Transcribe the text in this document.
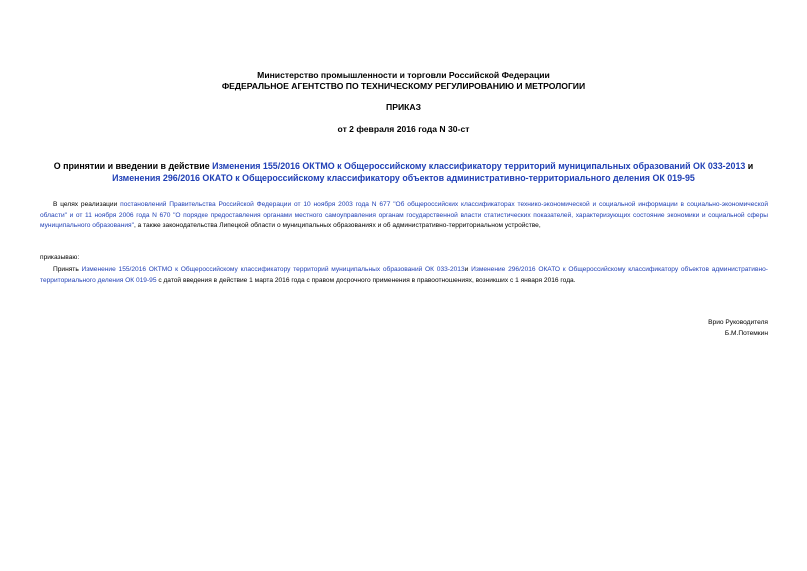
Министерство промышленности и торговли Российской Федерации
ФЕДЕРАЛЬНОЕ АГЕНТСТВО ПО ТЕХНИЧЕСКОМУ РЕГУЛИРОВАНИЮ И МЕТРОЛОГИИ
ПРИКАЗ
от 2 февраля 2016 года N 30-ст
О принятии и введении в действие Изменения 155/2016 ОКТМО к Общероссийскому классификатору территорий муниципальных образований ОК 033-2013 и Изменения 296/2016 ОКАТО к Общероссийскому классификатору объектов административно-территориального деления ОК 019-95
В целях реализации постановлений Правительства Российской Федерации от 10 ноября 2003 года N 677 "Об общероссийских классификаторах технико-экономической и социальной информации в социально-экономической области" и от 11 ноября 2006 года N 670 "О порядке предоставления органами местного самоуправления органам государственной власти статистических показателей, характеризующих состояние экономики и социальной сферы муниципального образования", а также законодательства Липецкой области о муниципальных образованиях и об административно-территориальном устройстве,
приказываю:
Принять Изменение 155/2016 ОКТМО к Общероссийскому классификатору территорий муниципальных образований ОК 033-2013и Изменение 296/2016 ОКАТО к Общероссийскому классификатору объектов административно-территориального деления ОК 019-95 с датой введения в действие 1 марта 2016 года с правом досрочного применения в правоотношениях, возникших с 1 января 2016 года.
Врио Руководителя
Б.М.Потемкин
